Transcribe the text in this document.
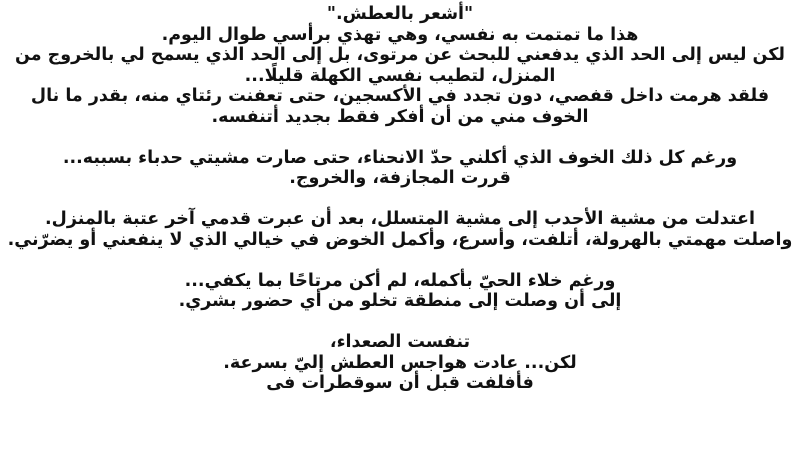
"أشعر بالعطش."
هذا ما تمتمت به نفسي، وهي تهذي برأسي طوال اليوم.
لكن ليس إلى الحد الذي يدفعني للبحث عن مرتوى، بل إلى الحد الذي يسمح لي بالخروج من
المنزل، لتطيب نفسي الكهلة قليلًا...
فلقد هرمت داخل قفصي، دون تجدد في الأكسجين، حتى تعفنت رئتاي منه، بقدر ما نال
الخوف مني من أن أفكر فقط بجديد أتنفسه.
ورغم كل ذلك الخوف الذي أكلني حدّ الانحناء، حتى صارت مشيتي حدباء بسببه...
قررت المجازفة، والخروج.
اعتدلت من مشية الأحدب إلى مشية المتسلل، بعد أن عبرت قدمي آخر عتبة بالمنزل.
واصلت مهمتي بالهرولة، أتلفت، وأسرع، وأكمل الخوض في خيالي الذي لا ينفعني أو يضرّني.
ورغم خلاء الحيّ بأكمله، لم أكن مرتاحًا بما يكفي...
إلى أن وصلت إلى منطقة تخلو من أي حضور بشري.
تنفست الصعداء،
لكن... عادت هواجس العطش إليّ بسرعة.
فأفلفت قبل أن سوقطرات فى
